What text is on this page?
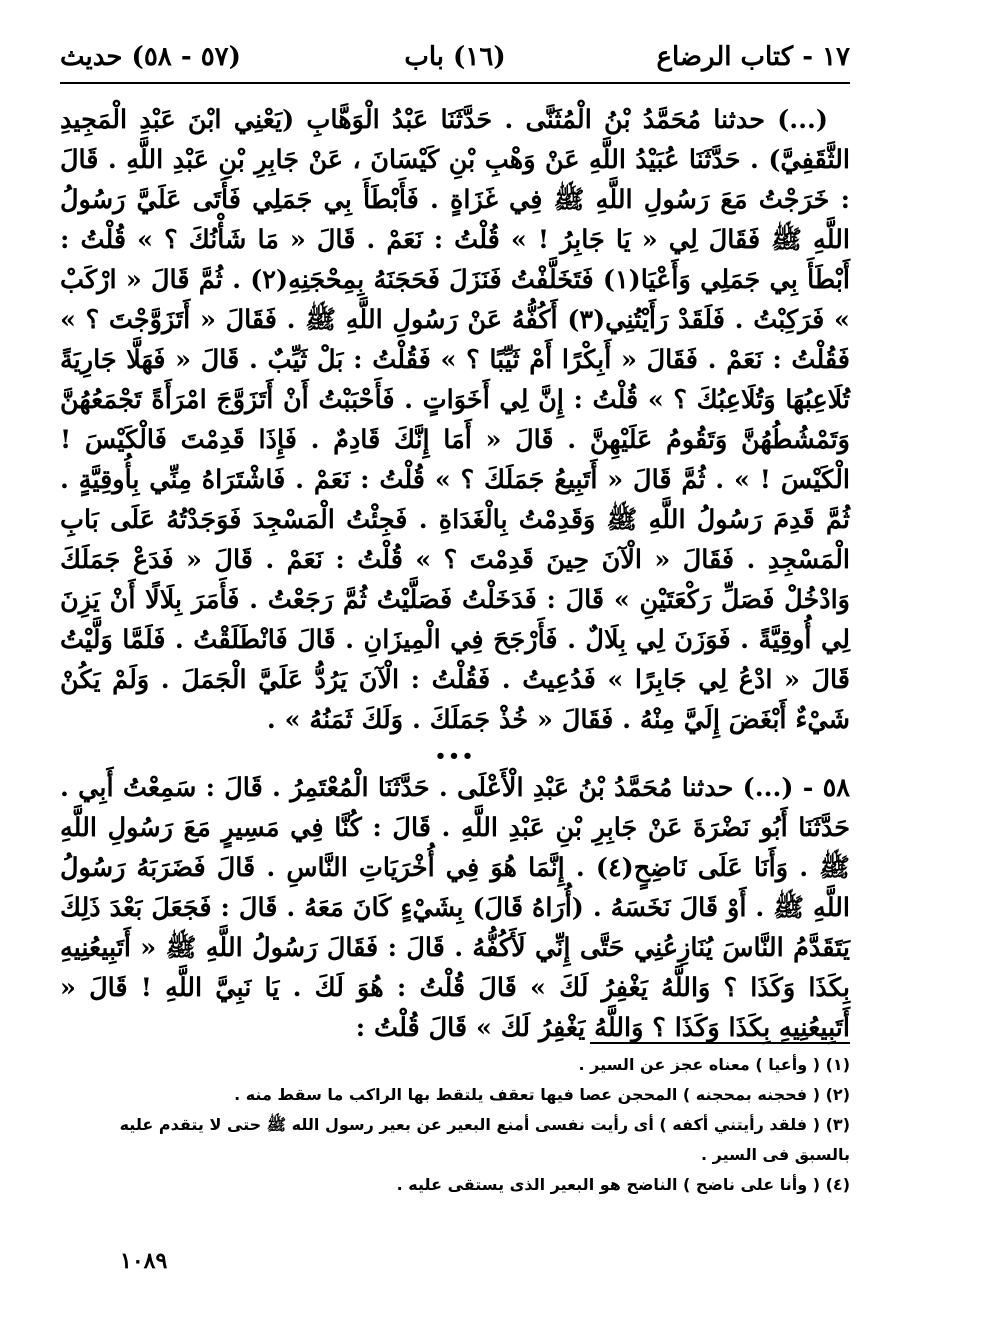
١٧ - كتاب الرضاع
(١٦) باب
(٥٧ - ٥٨) حديث

(...) حدثنا مُحَمَّدُ بْنُ الْمُثَنَّى . حَدَّثَنَا عَبْدُ الْوَهَّابِ (يَعْنِي ابْنَ عَبْدِ الْمَجِيدِ الثَّقَفِيَّ) . حَدَّثَنَا عُبَيْدُ اللَّهِ عَنْ وَهْبِ بْنِ كَيْسَانَ ، عَنْ جَابِرِ بْنِ عَبْدِ اللَّهِ . قَالَ : خَرَجْتُ مَعَ رَسُولِ اللَّهِ ﷺ فِي غَزَاةٍ . فَأَبْطَأَ بِي جَمَلِي فَأَتَى عَلَيَّ رَسُولُ اللَّهِ ﷺ فَقَالَ لِي « يَا جَابِرُ ! » قُلْتُ : نَعَمْ . قَالَ « مَا شَأْنُكَ ؟ » قُلْتُ : أَبْطَأَ بِي جَمَلِي وَأَعْيَا(١) فَتَخَلَّفْتُ فَنَزَلَ فَحَجَنَهُ بِمِحْجَنِهِ(٢) . ثُمَّ قَالَ « ارْكَبْ » فَرَكِبْتُ . فَلَقَدْ رَأَيْتُنِي(٣) أَكُفُّهُ عَنْ رَسُولِ اللَّهِ ﷺ . فَقَالَ « أَتَزَوَّجْتَ ؟ » فَقُلْتُ : نَعَمْ . فَقَالَ « أَبِكْرًا أَمْ ثَيِّبًا ؟ » فَقُلْتُ : بَلْ ثَيِّبٌ . قَالَ « فَهَلَّا جَارِيَةً تُلَاعِبُهَا وَتُلَاعِبُكَ ؟ » قُلْتُ : إِنَّ لِي أَخَوَاتٍ . فَأَحْبَبْتُ أَنْ أَتَزَوَّجَ امْرَأَةً تَجْمَعُهُنَّ وَتَمْشُطُهُنَّ وَتَقُومُ عَلَيْهِنَّ . قَالَ « أَمَا إِنَّكَ قَادِمٌ . فَإِذَا قَدِمْتَ فَالْكَيْسَ ! الْكَيْسَ ! » . ثُمَّ قَالَ « أَتَبِيعُ جَمَلَكَ ؟ » قُلْتُ : نَعَمْ . فَاشْتَرَاهُ مِنِّي بِأُوقِيَّةٍ . ثُمَّ قَدِمَ رَسُولُ اللَّهِ ﷺ وَقَدِمْتُ بِالْغَدَاةِ . فَجِئْتُ الْمَسْجِدَ فَوَجَدْتُهُ عَلَى بَابِ الْمَسْجِدِ . فَقَالَ « الْآنَ حِينَ قَدِمْتَ ؟ » قُلْتُ : نَعَمْ . قَالَ « فَدَعْ جَمَلَكَ وَادْخُلْ فَصَلِّ رَكْعَتَيْنِ » قَالَ : فَدَخَلْتُ فَصَلَّيْتُ ثُمَّ رَجَعْتُ . فَأَمَرَ بِلَالًا أَنْ يَزِنَ لِي أُوقِيَّةً . فَوَزَنَ لِي بِلَالٌ . فَأَرْجَحَ فِي الْمِيزَانِ . قَالَ فَانْطَلَقْتُ . فَلَمَّا وَلَّيْتُ قَالَ « ادْعُ لِي جَابِرًا » فَدُعِيتُ . فَقُلْتُ : الْآنَ يَرُدُّ عَلَيَّ الْجَمَلَ . وَلَمْ يَكُنْ شَيْءٌ أَبْغَضَ إِلَيَّ مِنْهُ . فَقَالَ « خُذْ جَمَلَكَ . وَلَكَ ثَمَنُهُ » .

•••

٥٨ - (...) حدثنا مُحَمَّدُ بْنُ عَبْدِ الْأَعْلَى . حَدَّثَنَا الْمُعْتَمِرُ . قَالَ : سَمِعْتُ أَبِي . حَدَّثَنَا أَبُو نَضْرَةَ عَنْ جَابِرِ بْنِ عَبْدِ اللَّهِ . قَالَ : كُنَّا فِي مَسِيرٍ مَعَ رَسُولِ اللَّهِ ﷺ . وَأَنَا عَلَى نَاضِحٍ(٤) . إِنَّمَا هُوَ فِي أُخْرَيَاتِ النَّاسِ . قَالَ فَضَرَبَهُ رَسُولُ اللَّهِ ﷺ . أَوْ قَالَ نَخَسَهُ . (أُرَاهُ قَالَ) بِشَيْءٍ كَانَ مَعَهُ . قَالَ : فَجَعَلَ بَعْدَ ذَلِكَ يَتَقَدَّمُ النَّاسَ يُنَازِعُنِي حَتَّى إِنِّي لَأَكُفُّهُ . قَالَ : فَقَالَ رَسُولُ اللَّهِ ﷺ « أَتَبِيعُنِيهِ بِكَذَا وَكَذَا ؟ وَاللَّهُ يَغْفِرُ لَكَ » قَالَ قُلْتُ : هُوَ لَكَ . يَا نَبِيَّ اللَّهِ ! قَالَ « أَتَبِيعُنِيهِ بِكَذَا وَكَذَا ؟ وَاللَّهُ يَغْفِرُ لَكَ » قَالَ قُلْتُ :

(١) ( وأعيا ) معناه عجز عن السير .

(٢) ( فحجنه بمحجنه ) المحجن عصا فيها تعقف يلتقط بها الراكب ما سقط منه .

(٣) ( فلقد رأيتني أكفه ) أى رأيت نفسى أمنع البعير عن بعير رسول الله ﷺ حتى لا يتقدم عليه بالسبق فى السير .

(٤) ( وأنا على ناضح ) الناضح هو البعير الذى يستقى عليه .

١٠٨٩
